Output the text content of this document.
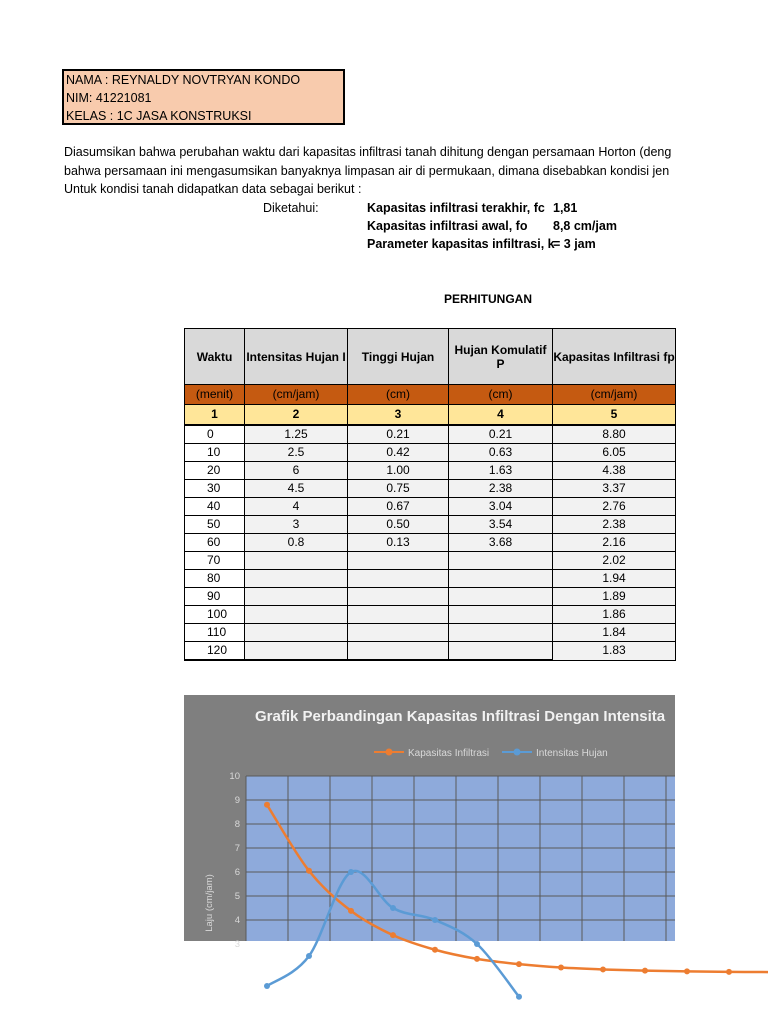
NAMA : REYNALDY NOVTRYAN KONDO
NIM: 41221081
KELAS : 1C JASA KONSTRUKSI
Diasumsikan bahwa perubahan waktu dari kapasitas infiltrasi tanah dihitung dengan persamaan Horton (deng
bahwa persamaan ini mengasumsikan banyaknya limpasan air di permukaan, dimana disebabkan kondisi jen
Untuk kondisi tanah didapatkan data sebagai berikut :
Diketahui:	Kapasitas infiltrasi terakhir, fc 1,81
Kapasitas infiltrasi awal, fo 8,8 cm/jam
Parameter kapasitas infiltrasi, k
= 3 jam
PERHITUNGAN
Waktu	Intensitas Hujan I	Tinggi Hujan	Hujan Komulatif P	Kapasitas Infiltrasi fp
(menit)	(cm/jam)	(cm)	(cm)	(cm/jam)
1	2	3	4	5
0	1.25	0.21	0.21	8.80
10	2.5	0.42	0.63	6.05
20	6	1.00	1.63	4.38
30	4.5	0.75	2.38	3.37
40	4	0.67	3.04	2.76
50	3	0.50	3.54	2.38
60	0.8	0.13	3.68	2.16
70				2.02
80				1.94
90				1.89
100				1.86
110				1.84
120				1.83
Grafik Perbandingan Kapasitas Infiltrasi Dengan Intensita
Kapasitas Infiltrasi	Intensitas Hujan
10
9
8
7
6
5
4
3
Laju (cm/jam)
